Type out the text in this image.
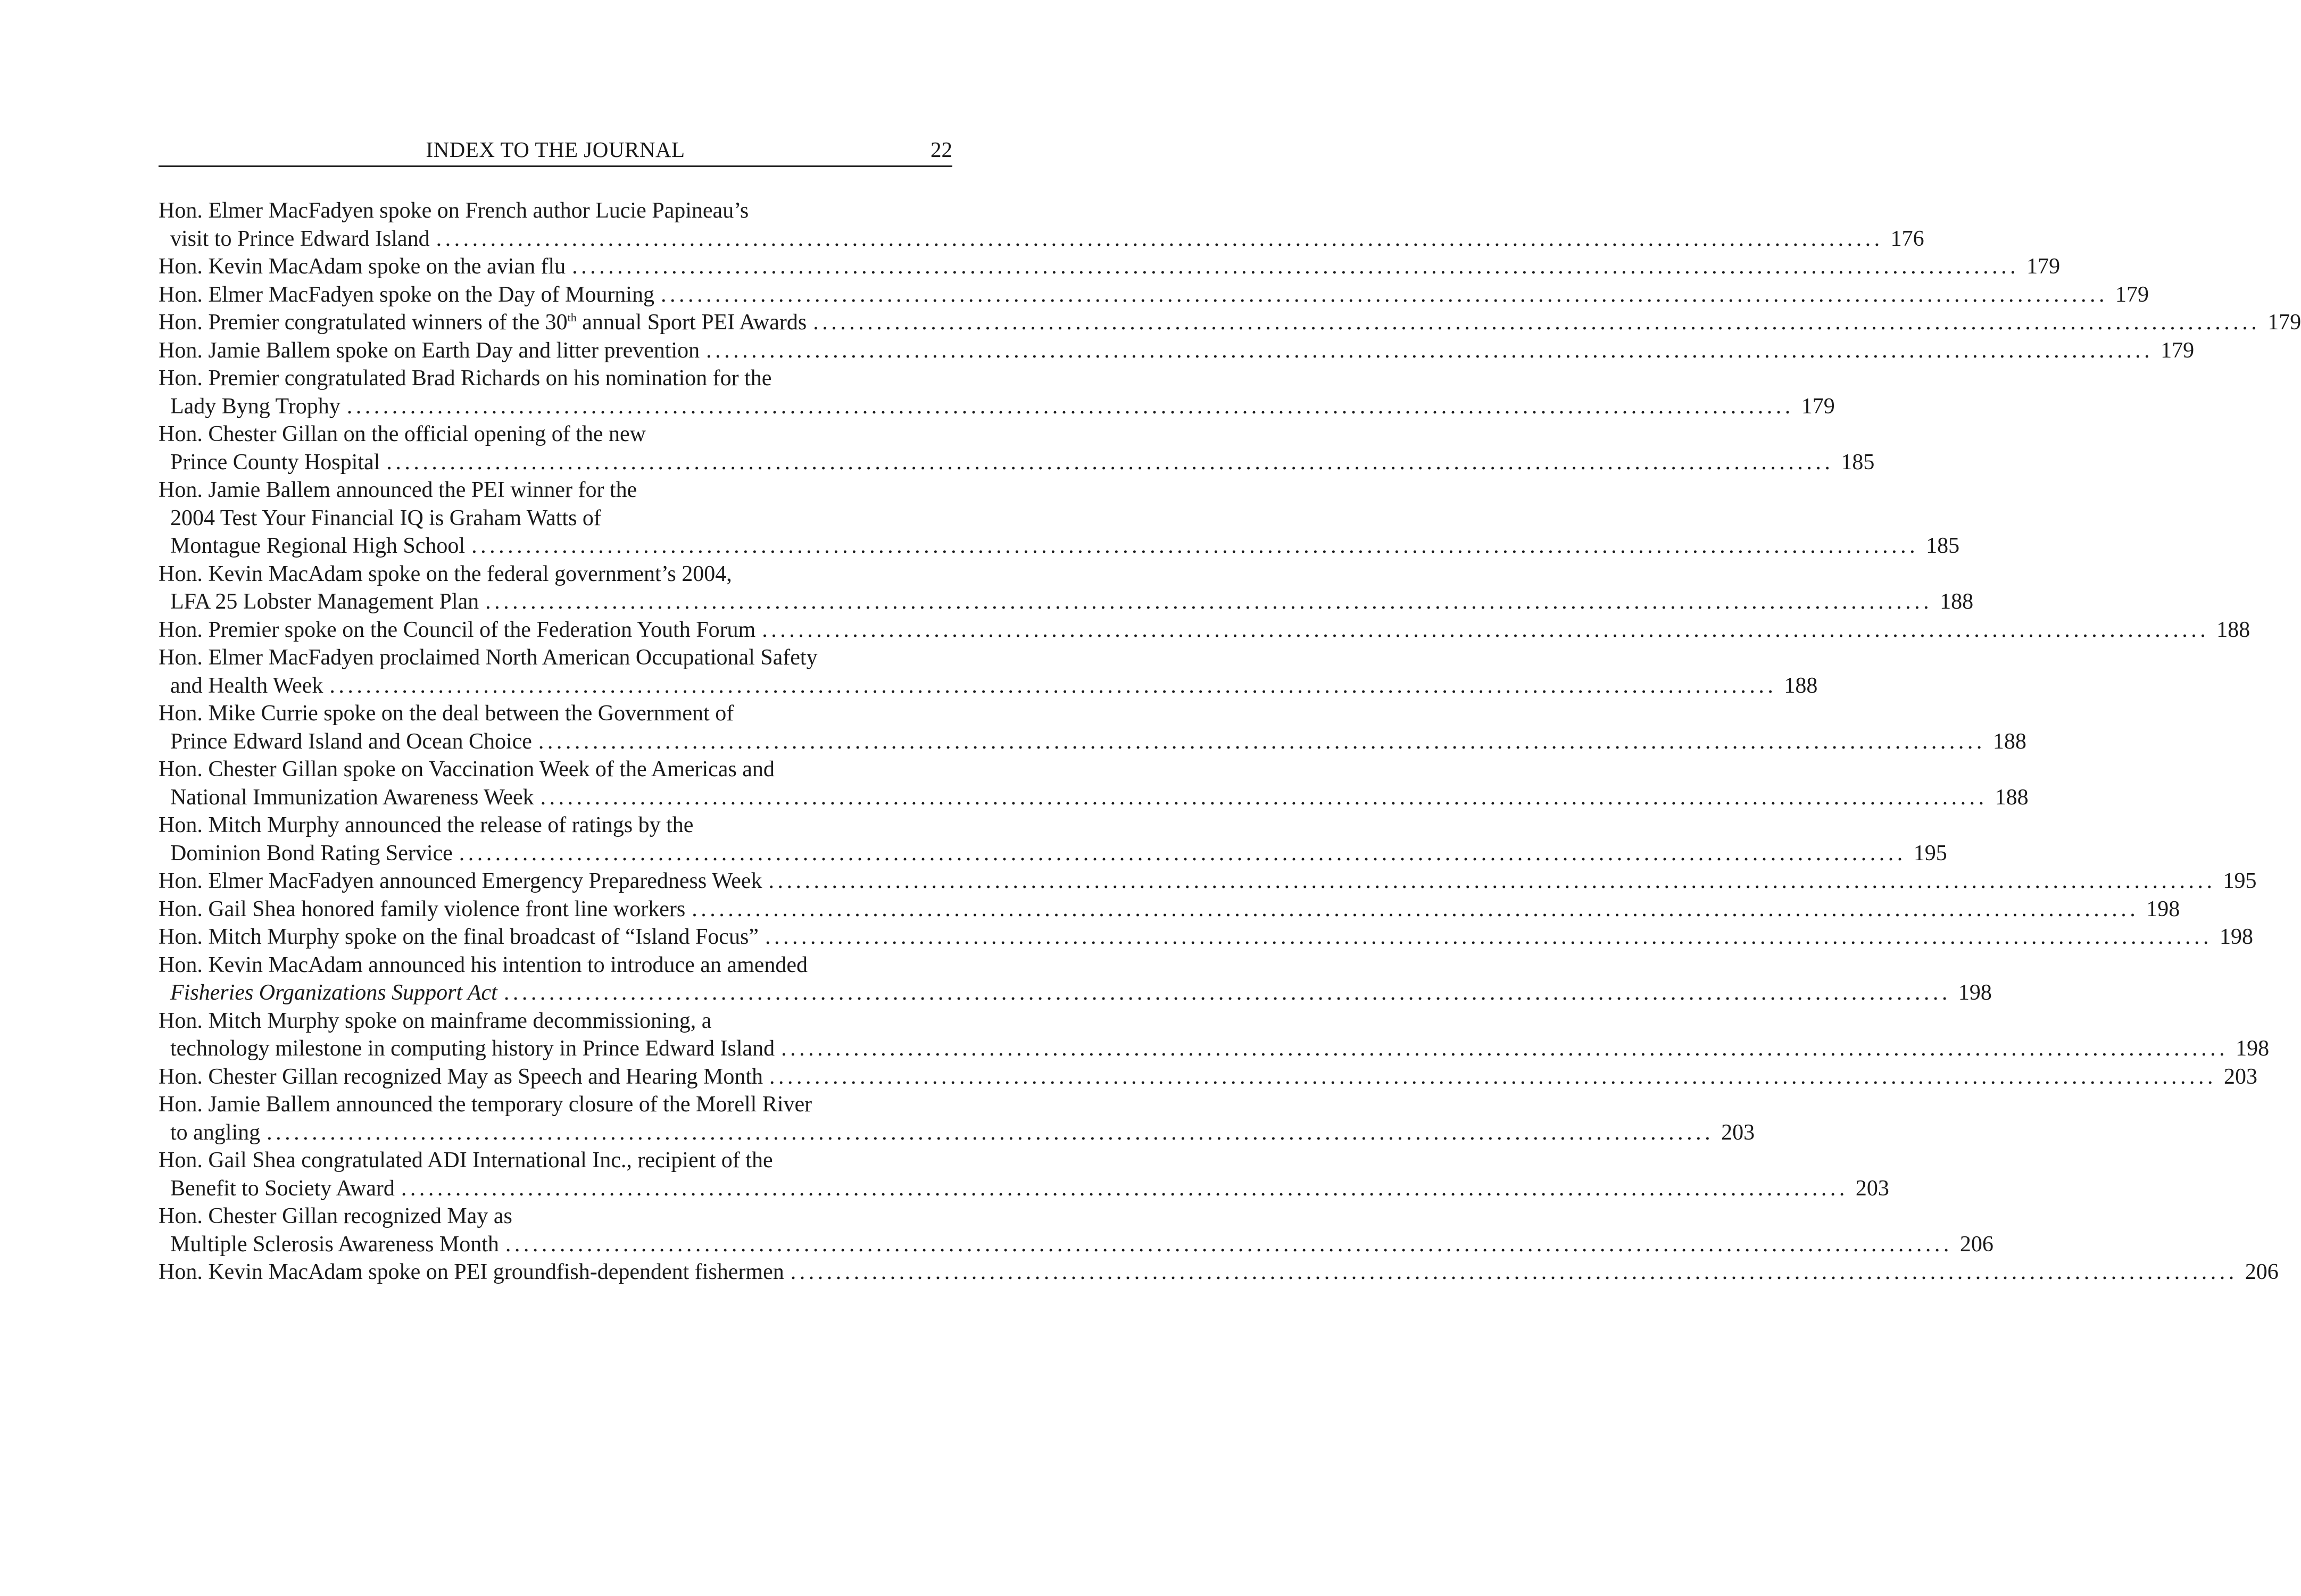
INDEX TO THE JOURNAL	22
Hon. Elmer MacFadyen spoke on French author Lucie Papineau’s
visit to Prince Edward Island ................................................................................................................................................................ 176
Hon. Kevin MacAdam spoke on the avian flu ................................................................................................................................................................ 179
Hon. Elmer MacFadyen spoke on the Day of Mourning ................................................................................................................................................................ 179
Hon. Premier congratulated winners of the 30th annual Sport PEI Awards ................................................................................................................................................................ 179
Hon. Jamie Ballem spoke on Earth Day and litter prevention ................................................................................................................................................................ 179
Hon. Premier congratulated Brad Richards on his nomination for the
Lady Byng Trophy ................................................................................................................................................................ 179
Hon. Chester Gillan on the official opening of the new
Prince County Hospital ................................................................................................................................................................ 185
Hon. Jamie Ballem announced the PEI winner for the
2004 Test Your Financial IQ is Graham Watts of
Montague Regional High School ................................................................................................................................................................ 185
Hon. Kevin MacAdam spoke on the federal government’s 2004,
LFA 25 Lobster Management Plan ................................................................................................................................................................ 188
Hon. Premier spoke on the Council of the Federation Youth Forum ................................................................................................................................................................ 188
Hon. Elmer MacFadyen proclaimed North American Occupational Safety
and Health Week ................................................................................................................................................................ 188
Hon. Mike Currie spoke on the deal between the Government of
Prince Edward Island and Ocean Choice ................................................................................................................................................................ 188
Hon. Chester Gillan spoke on Vaccination Week of the Americas and
National Immunization Awareness Week ................................................................................................................................................................ 188
Hon. Mitch Murphy announced the release of ratings by the
Dominion Bond Rating Service ................................................................................................................................................................ 195
Hon. Elmer MacFadyen announced Emergency Preparedness Week ................................................................................................................................................................ 195
Hon. Gail Shea honored family violence front line workers ................................................................................................................................................................ 198
Hon. Mitch Murphy spoke on the final broadcast of “Island Focus” ................................................................................................................................................................ 198
Hon. Kevin MacAdam announced his intention to introduce an amended
Fisheries Organizations Support Act ................................................................................................................................................................ 198
Hon. Mitch Murphy spoke on mainframe decommissioning, a
technology milestone in computing history in Prince Edward Island ................................................................................................................................................................ 198
Hon. Chester Gillan recognized May as Speech and Hearing Month ................................................................................................................................................................ 203
Hon. Jamie Ballem announced the temporary closure of the Morell River
to angling ................................................................................................................................................................ 203
Hon. Gail Shea congratulated ADI International Inc., recipient of the
Benefit to Society Award ................................................................................................................................................................ 203
Hon. Chester Gillan recognized May as
Multiple Sclerosis Awareness Month ................................................................................................................................................................ 206
Hon. Kevin MacAdam spoke on PEI groundfish-dependent fishermen ................................................................................................................................................................ 206
